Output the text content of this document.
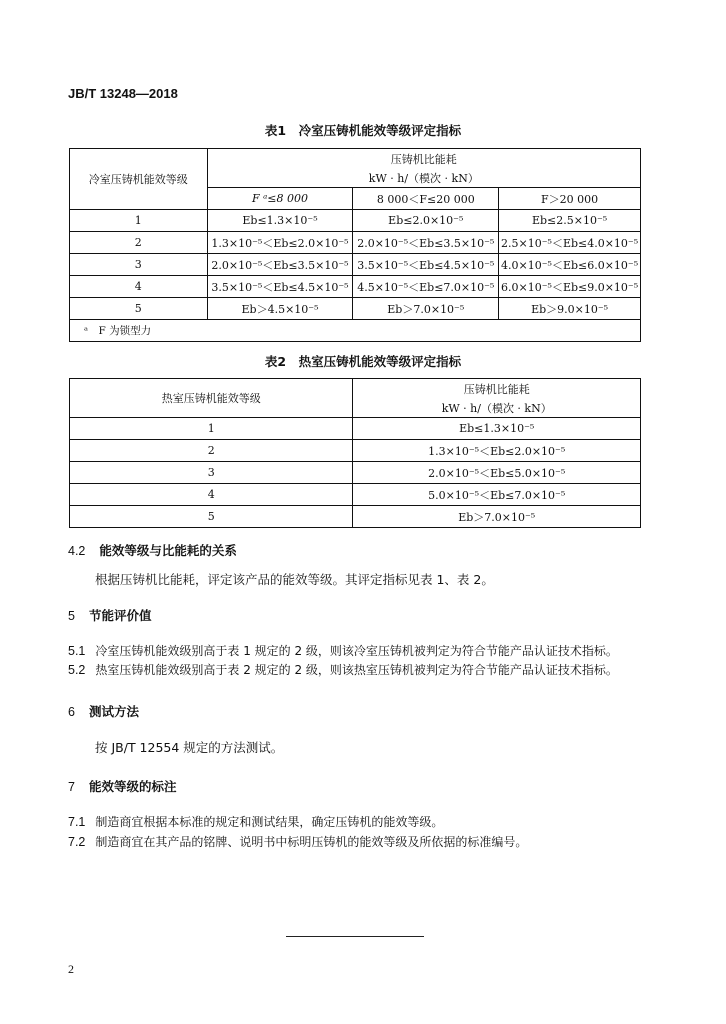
JB/T 13248—2018
表1　冷室压铸机能效等级评定指标
冷室压铸机能效等级	压铸机比能耗
kW · h/（模次 · kN）		

	F ᵃ≤8 000	8 000＜F≤20 000	F＞20 000
1	Eb≤1.3×10⁻⁵	Eb≤2.0×10⁻⁵	Eb≤2.5×10⁻⁵
2	1.3×10⁻⁵＜Eb≤2.0×10⁻⁵	2.0×10⁻⁵＜Eb≤3.5×10⁻⁵	2.5×10⁻⁵＜Eb≤4.0×10⁻⁵
3	2.0×10⁻⁵＜Eb≤3.5×10⁻⁵	3.5×10⁻⁵＜Eb≤4.5×10⁻⁵	4.0×10⁻⁵＜Eb≤6.0×10⁻⁵
4	3.5×10⁻⁵＜Eb≤4.5×10⁻⁵	4.5×10⁻⁵＜Eb≤7.0×10⁻⁵	6.0×10⁻⁵＜Eb≤9.0×10⁻⁵
5	Eb＞4.5×10⁻⁵	Eb＞7.0×10⁻⁵	Eb＞9.0×10⁻⁵
ᵃ　F 为锁型力			
表2　热室压铸机能效等级评定指标
热室压铸机能效等级	压铸机比能耗
kW · h/（模次 · kN）

1	Eb≤1.3×10⁻⁵
2	1.3×10⁻⁵＜Eb≤2.0×10⁻⁵
3	2.0×10⁻⁵＜Eb≤5.0×10⁻⁵
4	5.0×10⁻⁵＜Eb≤7.0×10⁻⁵
5	Eb＞7.0×10⁻⁵
4.2 能效等级与比能耗的关系
根据压铸机比能耗，评定该产品的能效等级。其评定指标见表 1、表 2。
5 节能评价值
5.1 冷室压铸机能效级别高于表 1 规定的 2 级，则该冷室压铸机被判定为符合节能产品认证技术指标。
5.2 热室压铸机能效级别高于表 2 规定的 2 级，则该热室压铸机被判定为符合节能产品认证技术指标。
6 测试方法
按 JB/T 12554 规定的方法测试。
7 能效等级的标注
7.1 制造商宜根据本标准的规定和测试结果，确定压铸机的能效等级。
7.2 制造商宜在其产品的铭牌、说明书中标明压铸机的能效等级及所依据的标准编号。
2
